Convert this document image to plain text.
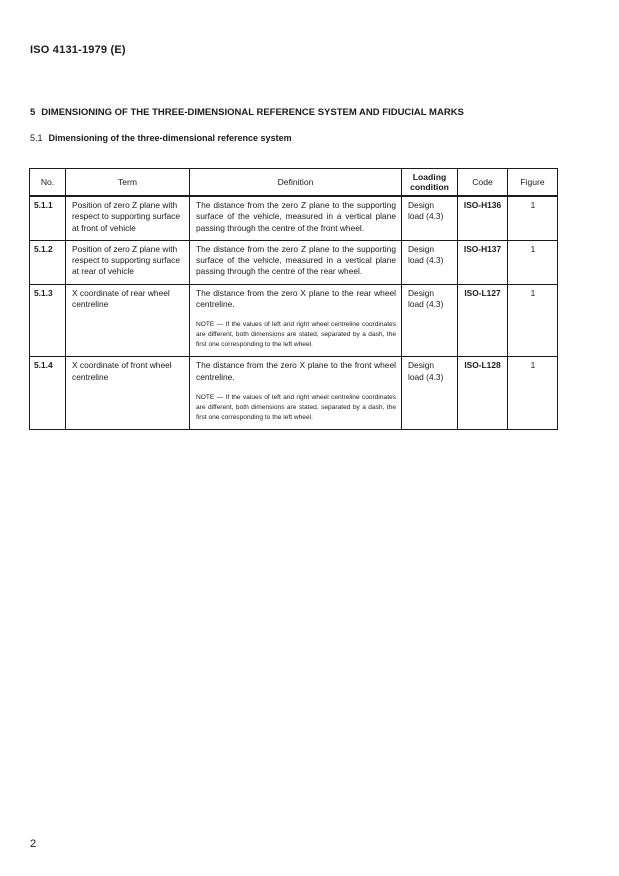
ISO 4131-1979 (E)
5 DIMENSIONING OF THE THREE-DIMENSIONAL REFERENCE SYSTEM AND FIDUCIAL MARKS
5.1 Dimensioning of the three-dimensional reference system
No.	Term	Definition	Loading
condition	Code	Figure
5.1.1	Position of zero Z plane with respect to supporting surface at front of vehicle	The distance from the zero Z plane to the supporting surface of the vehicle, measured in a vertical plane passing through the centre of the front wheel.	Design load (4.3)	ISO-H136	1
5.1.2	Position of zero Z plane with respect to supporting surface at rear of vehicle	The distance from the zero Z plane to the supporting surface of the vehicle, measured in a vertical plane passing through the centre of the rear wheel.	Design load (4.3)	ISO-H137	1
5.1.3	X coordinate of rear wheel centreline	The distance from the zero X plane to the rear wheel centreline.
NOTE — If the values of left and right wheel centreline coordinates are different, both dimensions are stated, separated by a dash, the first one corresponding to the left wheel.	Design load (4.3)	ISO-L127	1
5.1.4	X coordinate of front wheel centreline	The distance from the zero X plane to the front wheel centreline.
NOTE — If the values of left and right wheel centreline coordinates are different, both dimensions are stated, separated by a dash, the first one corresponding to the left wheel.	Design load (4.3)	ISO-L128	1
2
